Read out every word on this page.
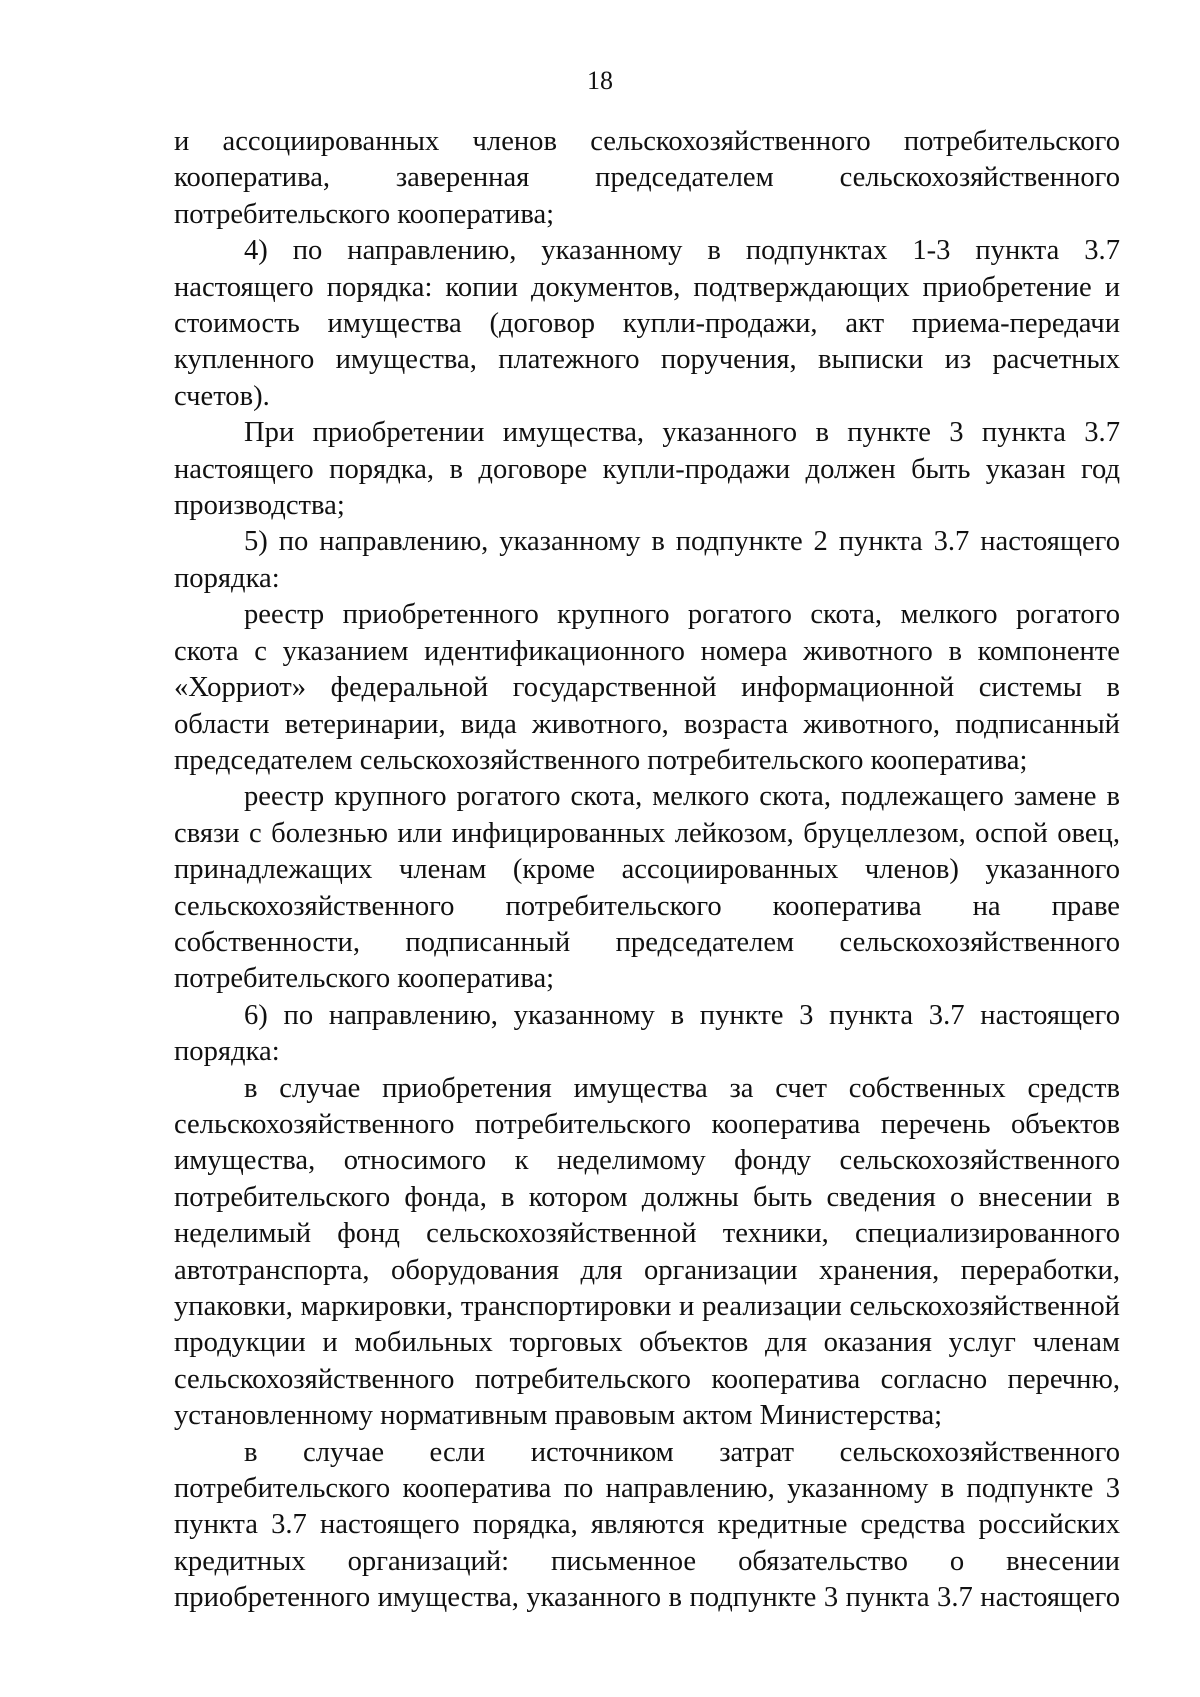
18

и ассоциированных членов сельскохозяйственного потребительского кооператива, заверенная председателем сельскохозяйственного потребительского кооператива;

4) по направлению, указанному в подпунктах 1-3 пункта 3.7 настоящего порядка: копии документов, подтверждающих приобретение и стоимость имущества (договор купли-продажи, акт приема-передачи купленного имущества, платежного поручения, выписки из расчетных счетов).

При приобретении имущества, указанного в пункте 3 пункта 3.7 настоящего порядка, в договоре купли-продажи должен быть указан год производства;

5) по направлению, указанному в подпункте 2 пункта 3.7 настоящего порядка:

реестр приобретенного крупного рогатого скота, мелкого рогатого скота с указанием идентификационного номера животного в компоненте «Хорриот» федеральной государственной информационной системы в области ветеринарии, вида животного, возраста животного, подписанный председателем сельскохозяйственного потребительского кооператива;

реестр крупного рогатого скота, мелкого скота, подлежащего замене в связи с болезнью или инфицированных лейкозом, бруцеллезом, оспой овец, принадлежащих членам (кроме ассоциированных членов) указанного сельскохозяйственного потребительского кооператива на праве собственности, подписанный председателем сельскохозяйственного потребительского кооператива;

6) по направлению, указанному в пункте 3 пункта 3.7 настоящего порядка:

в случае приобретения имущества за счет собственных средств сельскохозяйственного потребительского кооператива перечень объектов имущества, относимого к неделимому фонду сельскохозяйственного потребительского фонда, в котором должны быть сведения о внесении в неделимый фонд сельскохозяйственной техники, специализированного автотранспорта, оборудования для организации хранения, переработки, упаковки, маркировки, транспортировки и реализации сельскохозяйственной продукции и мобильных торговых объектов для оказания услуг членам сельскохозяйственного потребительского кооператива согласно перечню, установленному нормативным правовым актом Министерства;

в случае если источником затрат сельскохозяйственного потребительского кооператива по направлению, указанному в подпункте 3 пункта 3.7 настоящего порядка, являются кредитные средства российских кредитных организаций: письменное обязательство о внесении приобретенного имущества, указанного в подпункте 3 пункта 3.7 настоящего
